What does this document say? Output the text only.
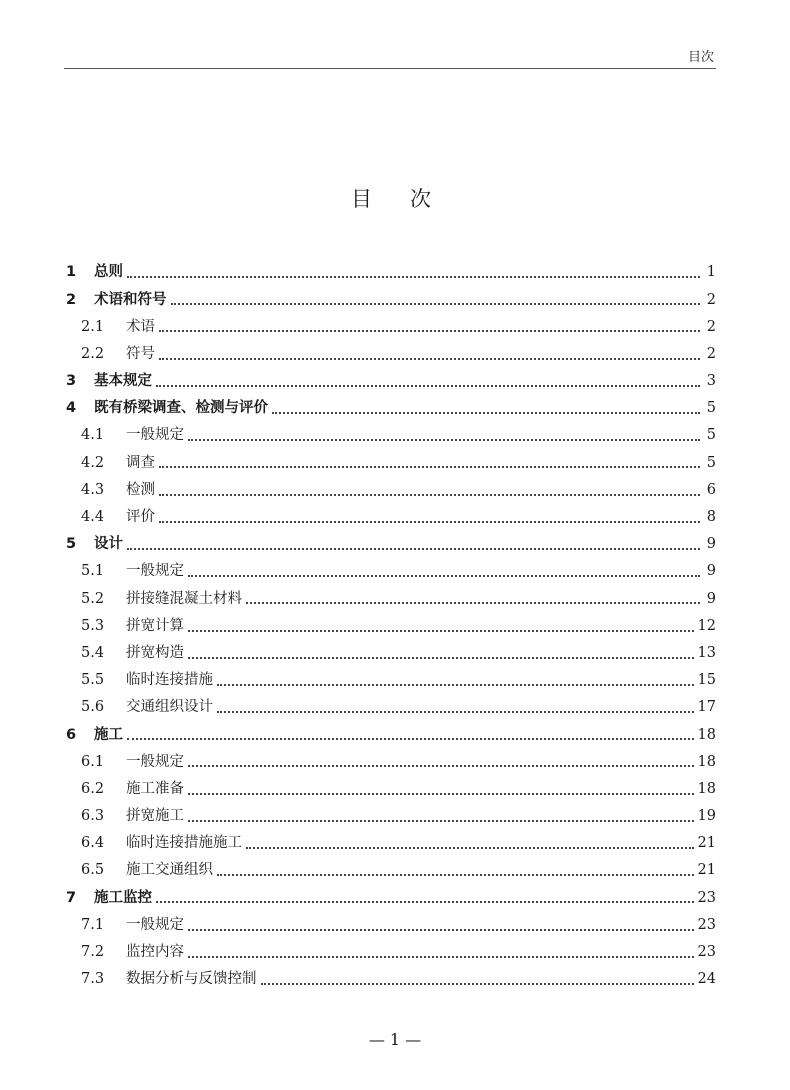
目次
目次
1	总则	1
2	术语和符号	2
2.1	术语	2
2.2	符号	2
3	基本规定	3
4	既有桥梁调查、检测与评价	5
4.1	一般规定	5
4.2	调查	5
4.3	检测	6
4.4	评价	8
5	设计	9
5.1	一般规定	9
5.2	拼接缝混凝土材料	9
5.3	拼宽计算	12
5.4	拼宽构造	13
5.5	临时连接措施	15
5.6	交通组织设计	17
6	施工	18
6.1	一般规定	18
6.2	施工准备	18
6.3	拼宽施工	19
6.4	临时连接措施施工	21
6.5	施工交通组织	21
7	施工监控	23
7.1	一般规定	23
7.2	监控内容	23
7.3	数据分析与反馈控制	24
— 1 —
